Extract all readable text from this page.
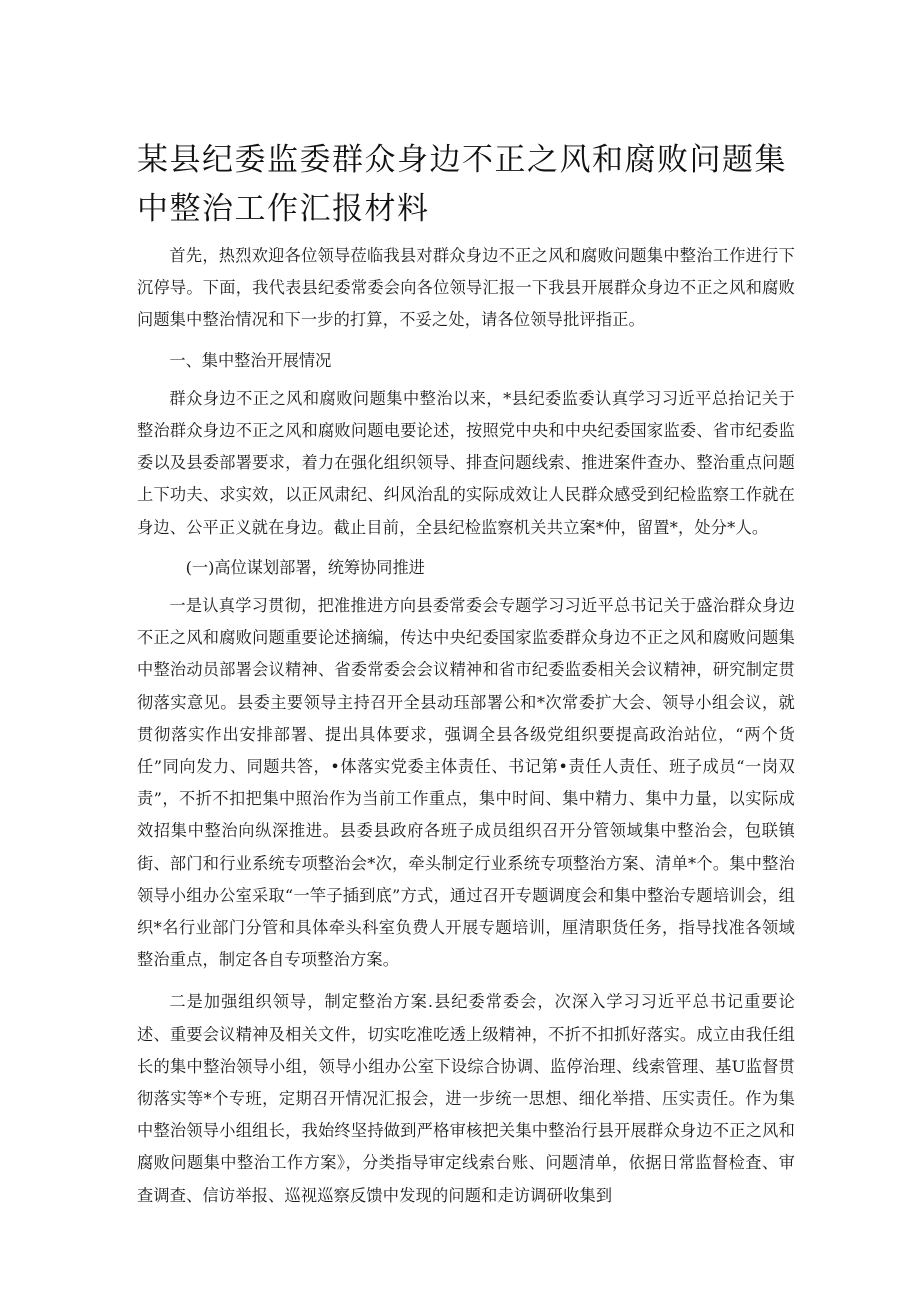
某县纪委监委群众身边不正之风和腐败问题集中整治工作汇报材料

首先，热烈欢迎各位领导莅临我县对群众身边不正之风和腐败问题集中整治工作进行下沉停导。下面，我代表县纪委常委会向各位领导汇报一下我县开展群众身边不正之风和腐败问题集中整治情况和下一步的打算，不妥之处，请各位领导批评指正。

一、集中整治开展情况

群众身边不正之风和腐败问题集中整治以来，*县纪委监委认真学习习近平总抬记关于整治群众身边不正之风和腐败问题电要论述，按照党中央和中央纪委国家监委、省市纪委监委以及县委部署要求，着力在强化组织领导、排查问题线索、推进案件查办、整治重点问题上下功夫、求实效，以正风肃纪、纠风治乱的实际成效让人民群众感受到纪检监察工作就在身边、公平正义就在身边。截止目前，全县纪检监察机关共立案*仲，留置*，处分*人。

(一)高位谋划部署，统筹协同推进

一是认真学习贯彻，把准推进方向县委常委会专题学习习近平总书记关于盛治群众身边不正之风和腐败问题重要论述摘编，传达中央纪委国家监委群众身边不正之风和腐败问题集中整治动员部署会议精神、省委常委会会议精神和省市纪委监委相关会议精神，研究制定贯彻落实意见。县委主要领导主持召开全县动珏部署公和*次常委扩大会、领导小组会议，就贯彻落实作出安排部署、提出具体要求，强调全县各级党组织要提高政治站位，“两个货任”同向发力、同题共答，•体落实党委主体责任、书记第•责任人责任、班子成员“一岗双责”，不折不扣把集中照治作为当前工作重点，集中时间、集中精力、集中力量，以实际成效招集中整治向纵深推进。县委县政府各班子成员组织召开分管领域集中整治会，包联镇街、部门和行业系统专项整治会*次，牵头制定行业系统专项整治方案、清单*个。集中整治领导小组办公室采取“一竿子插到底”方式，通过召开专题调度会和集中整治专题培训会，组织*名行业部门分管和具体牵头科室负费人开展专题培训，厘清职货任务，指导找准各领域整治重点，制定各自专项整治方案。

二是加强组织领导，制定整治方案.县纪委常委会，次深入学习习近平总书记重要论述、重要会议精神及相关文件，切实吃准吃透上级精神，不折不扣抓好落实。成立由我任组长的集中整治领导小组，领导小组办公室下设综合协调、监停治理、线索管理、基U监督贯彻落实等*个专班，定期召开情况汇报会，进一步统一思想、细化举措、压实责任。作为集中整治领导小组组长，我始终坚持做到严格审核把关集中整治行县开展群众身边不正之风和腐败问题集中整治工作方案》，分类指导审定线索台账、问题清单，依据日常监督检査、审查调查、信访举报、巡视巡察反馈中发现的问题和走访调研收集到
